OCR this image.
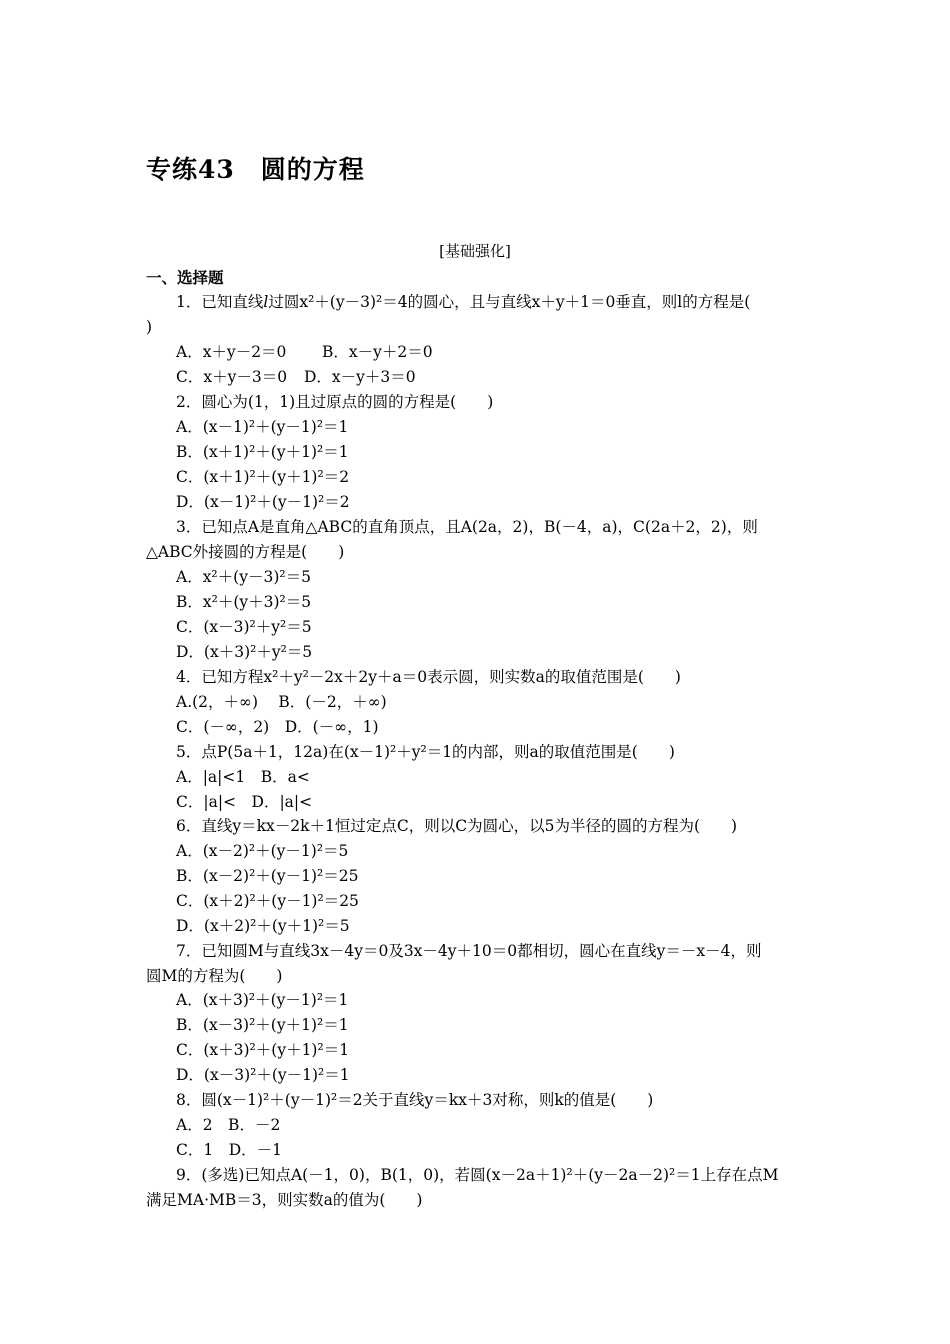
专练43　圆的方程
[基础强化]
一、选择题
1．已知直线l过圆x²＋(y－3)²＝4的圆心，且与直线x＋y＋1＝0垂直，则l的方程是(
)
A．x＋y－2＝0 B．x－y＋2＝0
C．x＋y－3＝0 D．x－y＋3＝0
2．圆心为(1，1)且过原点的圆的方程是(　　)
A．(x－1)²＋(y－1)²＝1
B．(x＋1)²＋(y＋1)²＝1
C．(x＋1)²＋(y＋1)²＝2
D．(x－1)²＋(y－1)²＝2
3．已知点A是直角△ABC的直角顶点，且A(2a，2)，B(－4，a)，C(2a＋2，2)，则
△ABC外接圆的方程是(　　)
A．x²＋(y－3)²＝5
B．x²＋(y＋3)²＝5
C．(x－3)²＋y²＝5
D．(x＋3)²＋y²＝5
4．已知方程x²＋y²－2x＋2y＋a＝0表示圆，则实数a的取值范围是(　　)
A.(2，＋∞)　 B．(－2，＋∞)
C．(－∞，2)　D．(－∞，1)
5．点P(5a＋1，12a)在(x－1)²＋y²＝1的内部，则a的取值范围是(　　)
A．|a|<1　B．a<
C．|a|<　D．|a|<
6．直线y＝kx－2k＋1恒过定点C，则以C为圆心，以5为半径的圆的方程为(　　)
A．(x－2)²＋(y－1)²＝5
B．(x－2)²＋(y－1)²＝25
C．(x＋2)²＋(y－1)²＝25
D．(x＋2)²＋(y＋1)²＝5
7．已知圆M与直线3x－4y＝0及3x－4y＋10＝0都相切，圆心在直线y＝－x－4，则
圆M的方程为(　　)
A．(x＋3)²＋(y－1)²＝1
B．(x－3)²＋(y＋1)²＝1
C．(x＋3)²＋(y＋1)²＝1
D．(x－3)²＋(y－1)²＝1
8．圆(x－1)²＋(y－1)²＝2关于直线y＝kx＋3对称，则k的值是(　　)
A．2　B．－2
C．1　D．－1
9．(多选)已知点A(－1，0)，B(1，0)，若圆(x－2a＋1)²＋(y－2a－2)²＝1上存在点M
满足MA·MB＝3，则实数a的值为(　　)
